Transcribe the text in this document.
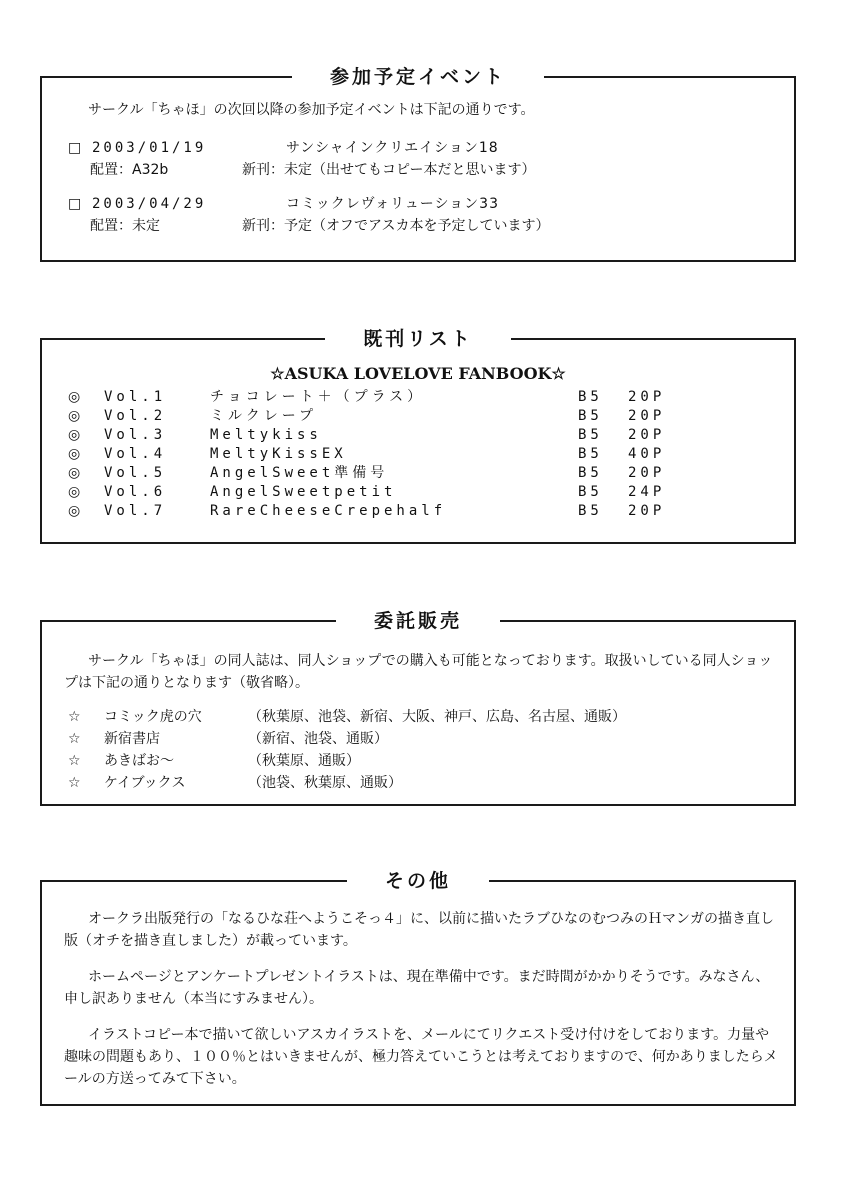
参加予定イベント
サークル「ちゃほ」の次回以降の参加予定イベントは下記の通りです。
□ 2003/01/19	サンシャインクリエイション18
配置：A32b	新刊：未定（出せてもコピー本だと思います）
□ 2003/04/29	コミックレヴォリューション33
配置：未定	新刊：予定（オフでアスカ本を予定しています）
既刊リスト
☆ASUKA LOVELOVE FANBOOK☆
◎ Vol.1	チョコレート＋（プラス）	B5 20P
◎ Vol.2	ミルクレープ	B5 20P
◎ Vol.3	Meltykiss	B5 20P
◎ Vol.4	MeltyKissEX	B5 40P
◎ Vol.5	AngelSweet準備号	B5 20P
◎ Vol.6	AngelSweetpetit	B5 24P
◎ Vol.7	RareCheeseCrepehalf	B5 20P
委託販売

サークル「ちゃほ」の同人誌は、同人ショップでの購入も可能となっております。取扱いしている同人ショップは下記の通りとなります（敬省略）。

☆ コミック虎の穴	（秋葉原、池袋、新宿、大阪、神戸、広島、名古屋、通販）
☆ 新宿書店	（新宿、池袋、通販）
☆ あきばお～	（秋葉原、通販）
☆ ケイブックス	（池袋、秋葉原、通販）
その他

オークラ出版発行の「なるひな荘へようこそっ４」に、以前に描いたラブひなのむつみのＨマンガの描き直し版（オチを描き直しました）が載っています。

ホームページとアンケートプレゼントイラストは、現在準備中です。まだ時間がかかりそうです。みなさん、申し訳ありません（本当にすみません）。

イラストコピー本で描いて欲しいアスカイラストを、メールにてリクエスト受け付けをしております。力量や趣味の問題もあり、１００％とはいきませんが、極力答えていこうとは考えておりますので、何かありましたらメールの方送ってみて下さい。
